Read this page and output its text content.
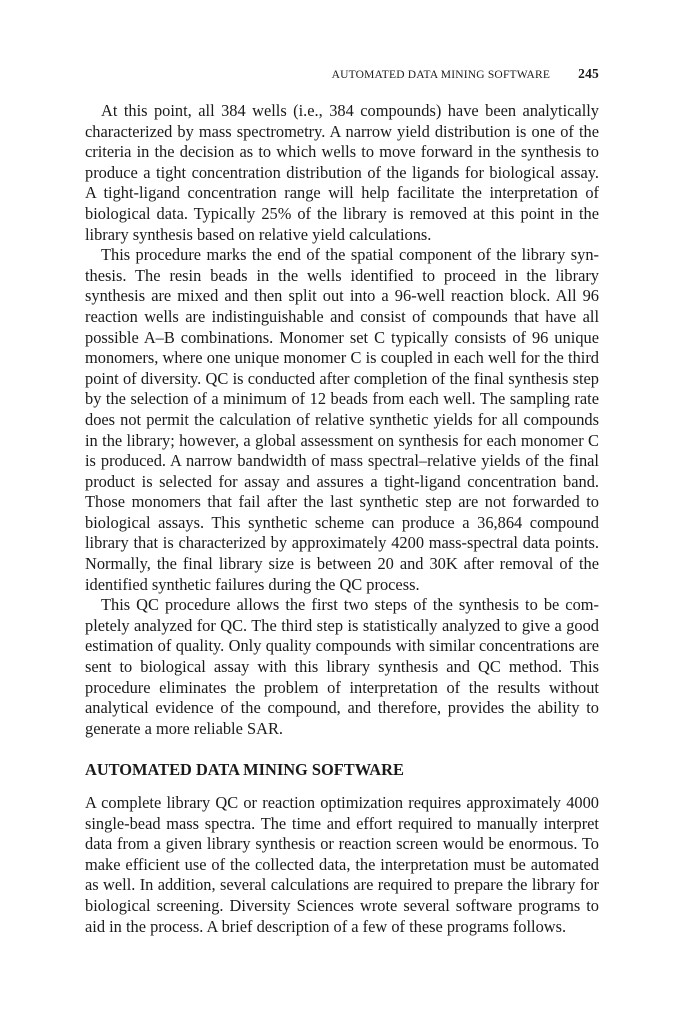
AUTOMATED DATA MINING SOFTWARE 245

At this point, all 384 wells (i.e., 384 compounds) have been analytically characterized by mass spectrometry. A narrow yield distribution is one of the criteria in the decision as to which wells to move forward in the synthesis to produce a tight concentration distribution of the ligands for biological assay. A tight-ligand concentration range will help facilitate the interpretation of biological data. Typically 25% of the library is removed at this point in the library synthesis based on relative yield calculations.

This procedure marks the end of the spatial component of the library synthesis. The resin beads in the wells identified to proceed in the library synthesis are mixed and then split out into a 96-well reaction block. All 96 reaction wells are indistinguishable and consist of compounds that have all possible A–B combinations. Monomer set C typically consists of 96 unique monomers, where one unique monomer C is coupled in each well for the third point of diversity. QC is conducted after completion of the final synthesis step by the selection of a minimum of 12 beads from each well. The sampling rate does not permit the calculation of relative synthetic yields for all compounds in the library; however, a global assessment on synthesis for each monomer C is produced. A narrow bandwidth of mass spectral–relative yields of the final product is selected for assay and assures a tight-ligand concentration band. Those monomers that fail after the last synthetic step are not forwarded to biological assays. This synthetic scheme can produce a 36,864 compound library that is characterized by approximately 4200 mass-spectral data points. Normally, the final library size is between 20 and 30K after removal of the identified synthetic failures during the QC process.

This QC procedure allows the first two steps of the synthesis to be completely analyzed for QC. The third step is statistically analyzed to give a good estimation of quality. Only quality compounds with similar concentrations are sent to biological assay with this library synthesis and QC method. This procedure eliminates the problem of interpretation of the results without analytical evidence of the compound, and therefore, provides the ability to generate a more reliable SAR.

AUTOMATED DATA MINING SOFTWARE

A complete library QC or reaction optimization requires approximately 4000 single-bead mass spectra. The time and effort required to manually interpret data from a given library synthesis or reaction screen would be enormous. To make efficient use of the collected data, the interpretation must be automated as well. In addition, several calculations are required to prepare the library for biological screening. Diversity Sciences wrote several software programs to aid in the process. A brief description of a few of these programs follows.
